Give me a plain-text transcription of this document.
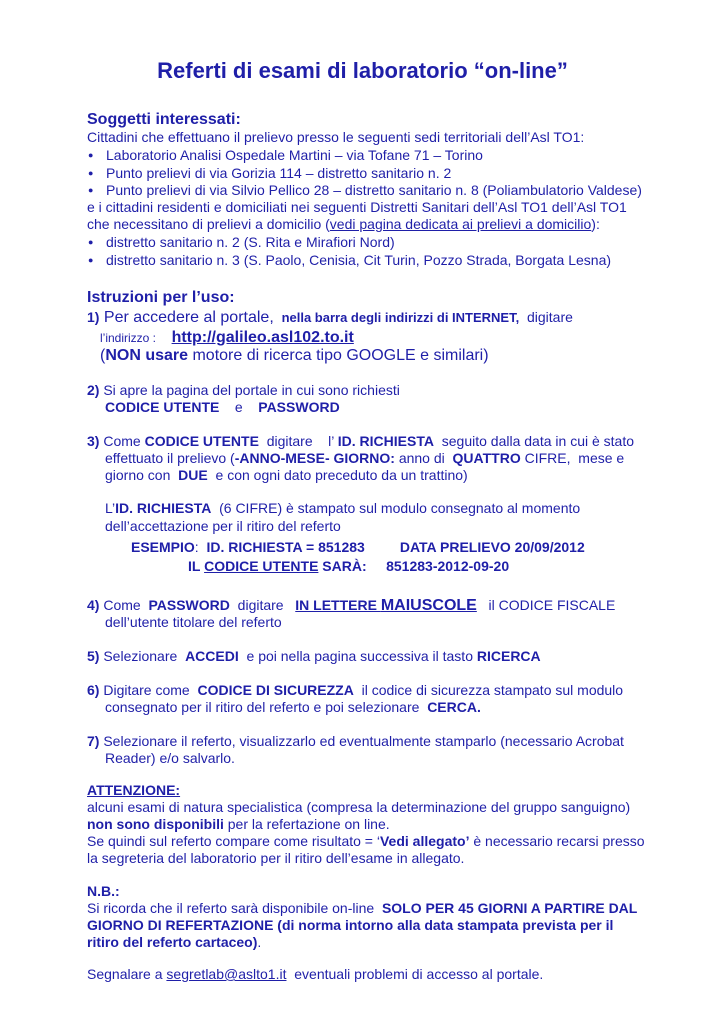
Referti di esami di laboratorio “on-line”
Soggetti interessati:
Cittadini che effettuano il prelievo presso le seguenti sedi territoriali dell’Asl TO1:
● Laboratorio Analisi Ospedale Martini – via Tofane 71 – Torino
● Punto prelievi di via Gorizia 114 – distretto sanitario n. 2
● Punto prelievi di via Silvio Pellico 28 – distretto sanitario n. 8 (Poliambulatorio Valdese)
e i cittadini residenti e domiciliati nei seguenti Distretti Sanitari dell’Asl TO1 dell’Asl TO1
che necessitano di prelievi a domicilio (vedi pagina dedicata ai prelievi a domicilio):
● distretto sanitario n. 2 (S. Rita e Mirafiori Nord)
● distretto sanitario n. 3 (S. Paolo, Cenisia, Cit Turin, Pozzo Strada, Borgata Lesna)
Istruzioni per l’uso:
1) Per accedere al portale, nella barra degli indirizzi di INTERNET, digitare
l’indirizzo : http://galileo.asl102.to.it
(NON usare motore di ricerca tipo GOOGLE e similari)
2) Si apre la pagina del portale in cui sono richiesti
CODICE UTENTE e PASSWORD
3) Come CODICE UTENTE  digitare    l’ ID. RICHIESTA  seguito dalla data in cui è stato
effettuato il prelievo (-ANNO-MESE- GIORNO: anno di  QUATTRO CIFRE,  mese e
giorno con  DUE  e con ogni dato preceduto da un trattino)
L’ID. RICHIESTA  (6 CIFRE) è stampato sul modulo consegnato al momento
dell’accettazione per il ritiro del referto
ESEMPIO:  ID. RICHIESTA = 851283	DATA PRELIEVO 20/09/2012
IL CODICE UTENTE SARÀ: 851283-2012-09-20
4) Come  PASSWORD  digitare   IN LETTERE MAIUSCOLE   il CODICE FISCALE
dell’utente titolare del referto
5) Selezionare  ACCEDI  e poi nella pagina successiva il tasto RICERCA
6) Digitare come  CODICE DI SICUREZZA  il codice di sicurezza stampato sul modulo
consegnato per il ritiro del referto e poi selezionare  CERCA.
7) Selezionare il referto, visualizzarlo ed eventualmente stamparlo (necessario Acrobat
Reader) e/o salvarlo.
ATTENZIONE:
alcuni esami di natura specialistica (compresa la determinazione del gruppo sanguigno)
non sono disponibili per la refertazione on line.
Se quindi sul referto compare come risultato = ‘Vedi allegato’ è necessario recarsi presso
la segreteria del laboratorio per il ritiro dell’esame in allegato.
N.B.:
Si ricorda che il referto sarà disponibile on-line  SOLO PER 45 GIORNI A PARTIRE DAL
GIORNO DI REFERTAZIONE (di norma intorno alla data stampata prevista per il
ritiro del referto cartaceo).
Segnalare a segretlab@aslto1.it  eventuali problemi di accesso al portale.
